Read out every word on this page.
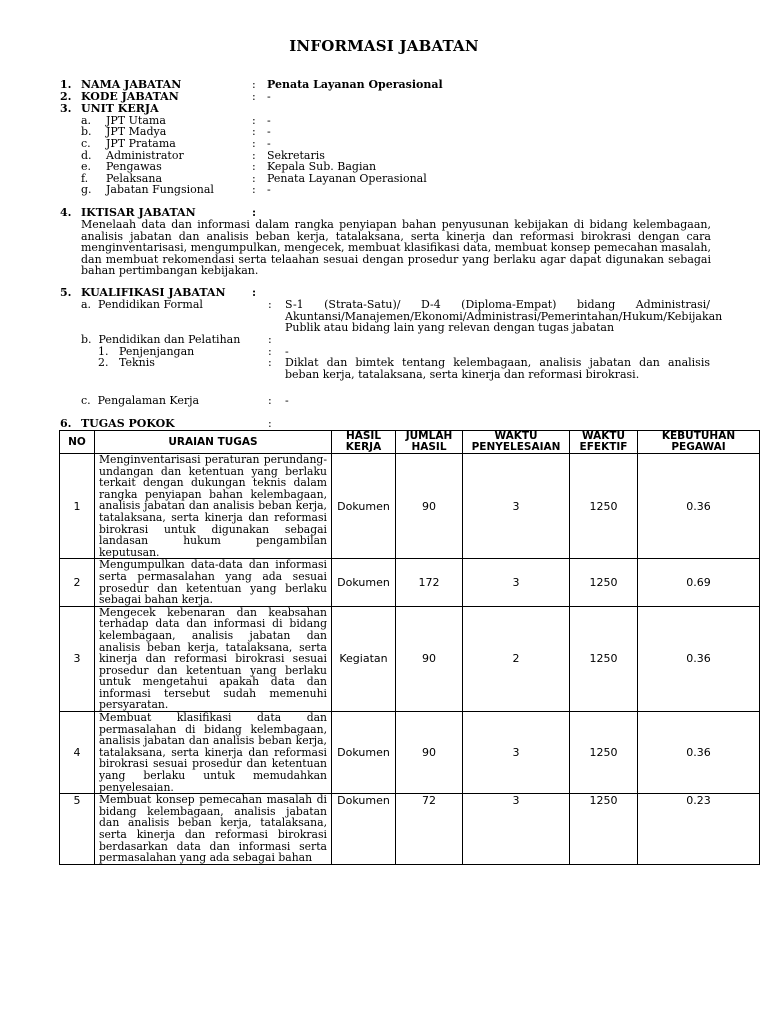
INFORMASI JABATAN
1. NAMA JABATAN	: Penata Layanan Operasional
2. KODE JABATAN	: -
3. UNIT KERJA
a. JPT Utama	: -
b. JPT Madya	: -
c. JPT Pratama	: -
d. Administrator	: Sekretaris
e. Pengawas	: Kepala Sub. Bagian
f. Pelaksana	: Penata Layanan Operasional
g. Jabatan Fungsional	: -
4. IKTISAR JABATAN	:
Menelaah data dan informasi dalam rangka penyiapan bahan penyusunan kebijakan di bidang kelembagaan, analisis jabatan dan analisis beban kerja, tatalaksana, serta kinerja dan reformasi birokrasi dengan cara menginventarisasi, mengumpulkan, mengecek, membuat klasifikasi data, membuat konsep pemecahan masalah, dan membuat rekomendasi serta telaahan sesuai dengan prosedur yang berlaku agar dapat digunakan sebagai bahan pertimbangan kebijakan.
5. KUALIFIKASI JABATAN :
a.  Pendidikan Formal	: S-1 (Strata-Satu)/ D-4 (Diploma-Empat) bidang Administrasi/ Akuntansi/Manajemen/Ekonomi/Administrasi/Pemerintahan/Hukum/Kebijakan Publik atau bidang lain yang relevan dengan tugas jabatan
b.  Pendidikan dan Pelatihan	:
1. Penjenjangan	: -
2. Teknis	: Diklat dan bimtek tentang kelembagaan, analisis jabatan dan analisis beban kerja, tatalaksana, serta kinerja dan reformasi birokrasi.
c.  Pengalaman Kerja	: -
6. TUGAS POKOK	:
NO	URAIAN TUGAS	HASIL KERJA	JUMLAH HASIL	WAKTU PENYELESAIAN	WAKTU EFEKTIF	KEBUTUHAN PEGAWAI
1	Menginventarisasi peraturan perundang-undangan dan ketentuan yang berlaku terkait dengan dukungan teknis dalam rangka penyiapan bahan kelembagaan, analisis jabatan dan analisis beban kerja, tatalaksana, serta kinerja dan reformasi birokrasi untuk digunakan sebagai landasan hukum pengambilan keputusan.	Dokumen	90	3	1250	0.36
2	Mengumpulkan data-data dan informasi serta permasalahan yang ada sesuai prosedur dan ketentuan yang berlaku sebagai bahan kerja.	Dokumen	172	3	1250	0.69
3	Mengecek kebenaran dan keabsahan terhadap data dan informasi di bidang kelembagaan, analisis jabatan dan analisis beban kerja, tatalaksana, serta kinerja dan reformasi birokrasi sesuai prosedur dan ketentuan yang berlaku untuk mengetahui apakah data dan informasi tersebut sudah memenuhi persyaratan.	Kegiatan	90	2	1250	0.36
4	Membuat klasifikasi data dan permasalahan di bidang kelembagaan, analisis jabatan dan analisis beban kerja, tatalaksana, serta kinerja dan reformasi birokrasi sesuai prosedur dan ketentuan yang berlaku untuk memudahkan penyelesaian.	Dokumen	90	3	1250	0.36
5	Membuat konsep pemecahan masalah di bidang kelembagaan, analisis jabatan dan analisis beban kerja, tatalaksana, serta kinerja dan reformasi birokrasi berdasarkan data dan informasi serta permasalahan yang ada sebagai bahan	Dokumen	72	3	1250	0.23
